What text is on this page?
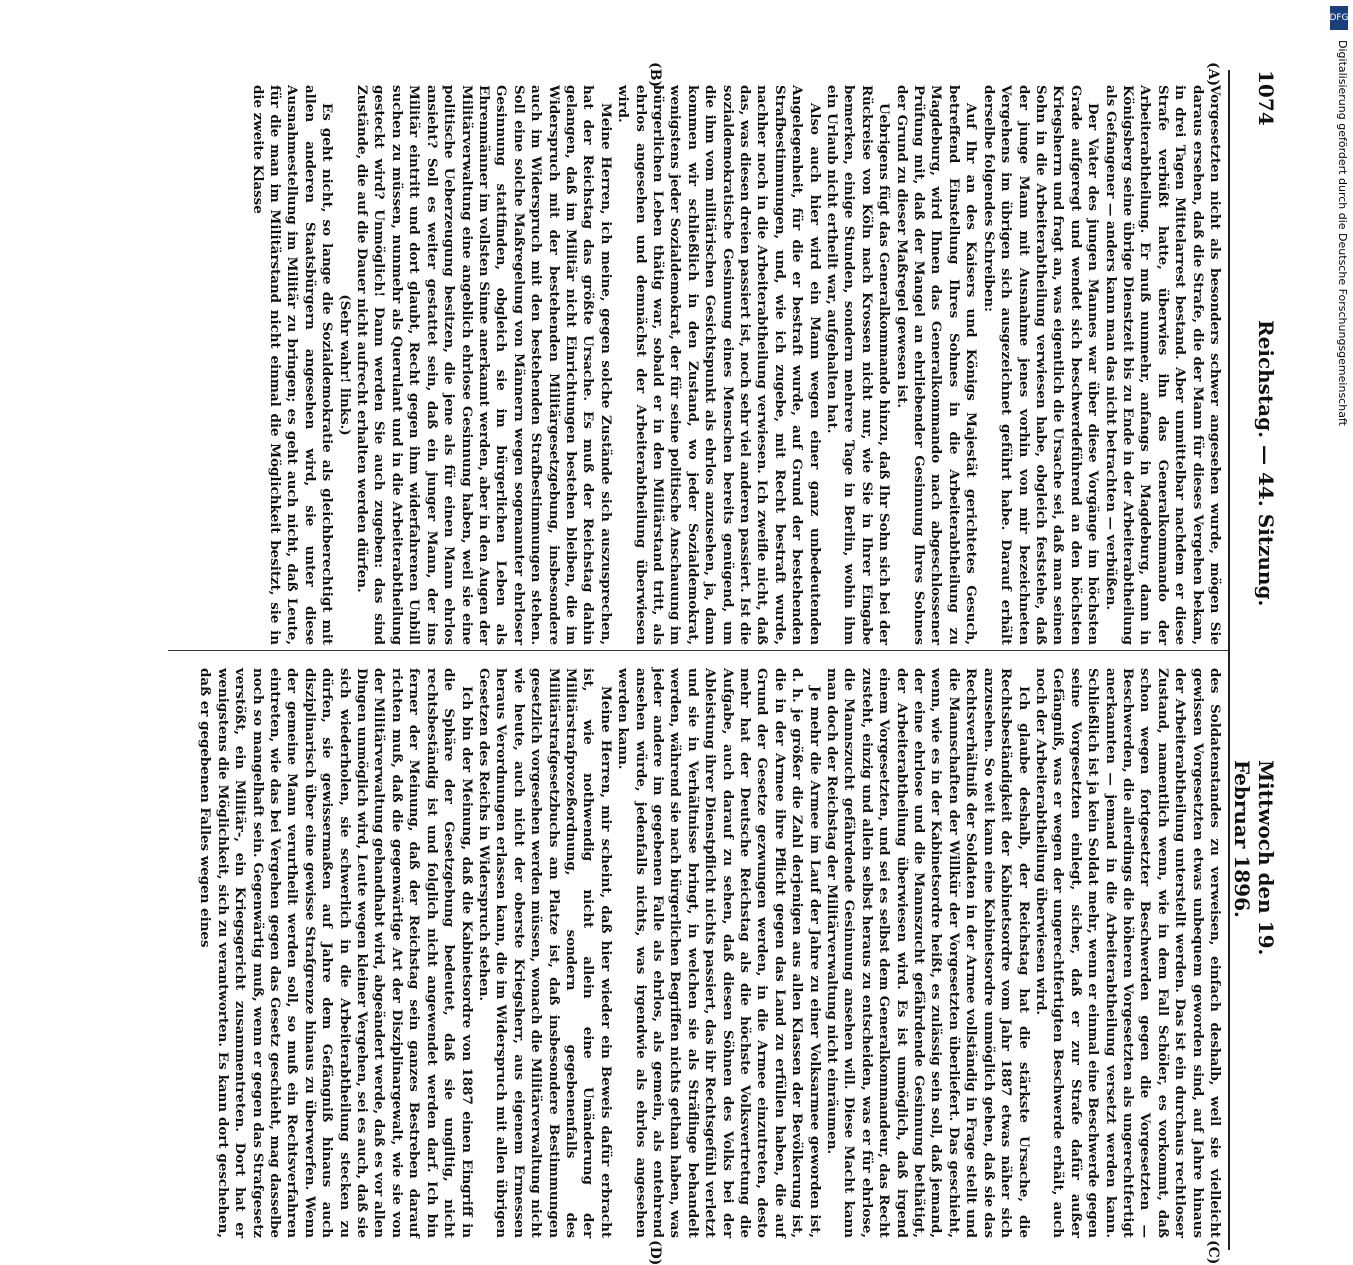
1074
Reichstag. — 44. Sitzung.
Mittwoch den 19. Februar 1896.
(A)
(B)
(C)
(D)

Vorgesetzten nicht als besonders schwer angesehen wurde, mögen Sie daraus ersehen, daß die Strafe, die der Mann für dieses Vergehen bekam, in drei Tagen Mittelarrest bestand. Aber unmittelbar nachdem er diese Strafe verbüßt hatte, überwies ihn das Generalkommando der Arbeiterabtheilung. Er muß nunmehr, anfangs in Magdeburg, dann in Königsberg seine übrige Dienstzeit bis zu Ende in der Arbeiterabtheilung als Gefangener — anders kann man das nicht betrachten — verbüßen.

Der Vater des jungen Mannes war über diese Vorgänge im höchsten Grade aufgeregt und wendet sich beschwerdeführend an den höchsten Kriegsherrn und fragt an, was eigentlich die Ursache sei, daß man seinen Sohn in die Arbeiterabtheilung verwiesen habe, obgleich feststehe, daß der junge Mann mit Ausnahme jenes vorhin von mir bezeichneten Vergehens im übrigen sich ausgezeichnet geführt habe. Darauf erhält derselbe folgendes Schreiben:

Auf Ihr an des Kaisers und Königs Majestät gerichtetes Gesuch, betreffend Einstellung Ihres Sohnes in die Arbeiterabtheilung zu Magdeburg, wird Ihnen das Generalkommando nach abgeschlossener Prüfung mit, daß der Mangel an ehrliebender Gesinnung Ihres Sohnes der Grund zu dieser Maßregel gewesen ist.

Uebrigens fügt das Generalkommando hinzu, daß Ihr Sohn sich bei der Rückreise von Köln nach Krossen nicht nur, wie Sie in Ihrer Eingabe bemerken, einige Stunden, sondern mehrere Tage in Berlin, wohin ihm ein Urlaub nicht ertheilt war, aufgehalten hat.

Also auch hier wird ein Mann wegen einer ganz unbedeutenden Angelegenheit, für die er bestraft wurde, auf Grund der bestehenden Strafbestimmungen, und, wie ich zugebe, mit Recht bestraft wurde, nachher noch in die Arbeiterabtheilung verwiesen. Ich zweifle nicht, daß das, was diesen dreien passiert ist, noch sehr viel anderen passiert. Ist die sozialdemokratische Gesinnung eines Menschen bereits genügend, um die ihm vom militärischen Gesichtspunkt als ehrlos anzusehen, ja, dann kommen wir schließlich in den Zustand, wo jeder Sozialdemokrat, wenigstens jeder Sozialdemokrat, der für seine politische Anschauung im bürgerlichen Leben thätig war, sobald er in den Militärstand tritt, als ehrlos angesehen und demnächst der Arbeiterabtheilung überwiesen wird.

Meine Herren, ich meine, gegen solche Zustände sich auszusprechen, hat der Reichstag das größte Ursache. Es muß der Reichstag dahin gelangen, daß im Militär nicht Einrichtungen bestehen bleiben, die im Widerspruch mit der bestehenden Militärgesetzgebung, insbesondere auch im Widerspruch mit den bestehenden Strafbestimmungen stehen. Soll eine solche Maßregelung von Männern wegen sogenannter ehrloser Gesinnung stattfinden, obgleich sie im bürgerlichen Leben als Ehrenmänner im vollsten Sinne anerkannt werden, aber in den Augen der Militärverwaltung eine angeblich ehrlose Gesinnung haben, weil sie eine politische Ueberzeugung besitzen, die jene als für einen Mann ehrlos ansieht? Soll es weiter gestattet sein, daß ein junger Mann, der ins Militär eintritt und dort glaubt, Recht gegen ihm widerfahrenen Unbill suchen zu müssen, nunmehr als Querulant und in die Arbeiterabtheilung gesteckt wird? Unmöglich! Dann werden Sie auch zugeben: das sind Zustände, die auf die Dauer nicht aufrecht erhalten werden dürfen.

(Sehr wahr! links.)

Es geht nicht, so lange die Sozialdemokratie als gleichberechtigt mit allen anderen Staatsbürgern angesehen wird, sie unter diese Ausnahmestellung im Militär zu bringen; es geht auch nicht, daß Leute, für die man im Militärstand nicht einmal die Möglichkeit besitzt, sie in die zweite Klasse

des Soldatenstandes zu verweisen, einfach deshalb, weil sie vielleicht gewissen Vorgesetzten etwas unbequem geworden sind, auf Jahre hinaus der Arbeiterabtheilung unterstellt werden. Das ist ein durchaus rechtloser Zustand, namentlich wenn, wie in dem Fall Schöler, es vorkommt, daß schon wegen fortgesetzter Beschwerden gegen die Vorgesetzten — Beschwerden, die allerdings die höheren Vorgesetzten als ungerechtfertigt anerkannten — jemand in die Arbeiterabtheilung versetzt werden kann. Schließlich ist ja kein Soldat mehr, wenn er einmal eine Beschwerde gegen seine Vorgesetzten einlegt, sicher, daß er zur Strafe dafür außer Gefängniß, was er wegen der ungerechtfertigten Beschwerde erhält, auch noch der Arbeiterabtheilung überwiesen wird.

Ich glaube deshalb, der Reichstag hat die stärkste Ursache, die Rechtsbeständigkeit der Kabinetsordre vom Jahr 1887 etwas näher sich anzusehen. So weit kann eine Kabinetsordre unmöglich gehen, daß sie das Rechtsverhältniß der Soldaten in der Armee vollständig in Frage stellt und die Mannschaften der Willkür der Vorgesetzten überliefert. Das geschieht, wenn, wie es in der Kabinetsordre heißt, es zulässig sein soll, daß jemand, der eine ehrlose und die Mannszucht gefährdende Gesinnung bethätigt, der Arbeiterabtheilung überwiesen wird. Es ist unmöglich, daß irgend einem Vorgesetzten, und sei es selbst dem Generalkommandeur, das Recht zusteht, einzig und allein selbst heraus zu entscheiden, was er für ehrlose, die Mannszucht gefährdende Gesinnung ansehen will. Diese Macht kann man doch der Reichstag der Militärverwaltung nicht einräumen.

Je mehr die Armee im Lauf der Jahre zu einer Volksarmee geworden ist, d. h. je größer die Zahl derjenigen aus allen Klassen der Bevölkerung ist, die in der Armee ihre Pflicht gegen das Land zu erfüllen haben, die auf Grund der Gesetze gezwungen werden, in die Armee einzutreten, desto mehr hat der Deutsche Reichstag als die höchste Volksvertretung die Aufgabe, auch darauf zu sehen, daß diesen Söhnen des Volks bei der Ableistung ihrer Dienstpflicht nichts passiert, das ihr Rechtsgefühl verletzt und sie in Verhältnisse bringt, in welchen sie als Sträflinge behandelt werden, während sie nach bürgerlichen Begriffen nichts gethan haben, was jeder andere im gegebenen Falle als ehrlos, als gemein, als entehrend ansehen würde, jedenfalls nichts, was irgendwie als ehrlos angesehen werden kann.

Meine Herren, mir scheint, daß hier wieder ein Beweis dafür erbracht ist, wie nothwendig nicht allein eine Umänderung der Militärstrafprozeßordnung, sondern gegebenenfalls des Militärstrafgesetzbuchs am Platze ist, daß insbesondere Bestimmungen gesetzlich vorgesehen werden müssen, wonach die Militärverwaltung nicht wie heute, auch nicht der oberste Kriegsherr, aus eigenem Ermessen heraus Verordnungen erlassen kann, die im Widerspruch mit allen übrigen Gesetzen des Reichs in Widerspruch stehen.

Ich bin der Meinung, daß die Kabinetsordre von 1887 einen Eingriff in die Sphäre der Gesetzgebung bedeutet, daß sie ungiltig, nicht rechtsbeständig ist und folglich nicht angewendet werden darf. Ich bin ferner der Meinung, daß der Reichstag sein ganzes Bestreben darauf richten muß, daß die gegenwärtige Art der Disziplinargewalt, wie sie von der Militärverwaltung gehandhabt wird, abgeändert werde, daß es vor allen Dingen unmöglich wird, Leute wegen kleiner Vergehen, sei es auch, daß sie sich wiederholen, sie schwerlich in die Arbeiterabtheilung stecken zu dürfen, sie gewissermaßen auf Jahre dem Gefängniß hinaus auch disziplinarisch über eine gewisse Strafgrenze hinaus zu überwerfen. Wenn der gemeine Mann verurtheilt werden soll, so muß ein Rechtsverfahren eintreten, wie das bei Vergehen gegen das Gesetz geschieht, mag dasselbe noch so mangelhaft sein. Gegenwärtig muß, wenn er gegen das Strafgesetz verstößt, ein Militär-, ein Kriegsgericht zusammentreten. Dort hat er wenigstens die Möglichkeit, sich zu verantworten. Es kann dort geschehen, daß er gegebenen Falles wegen eines

DFG
Digitalisierung gefördert durch die Deutsche Forschungsgemeinschaft
